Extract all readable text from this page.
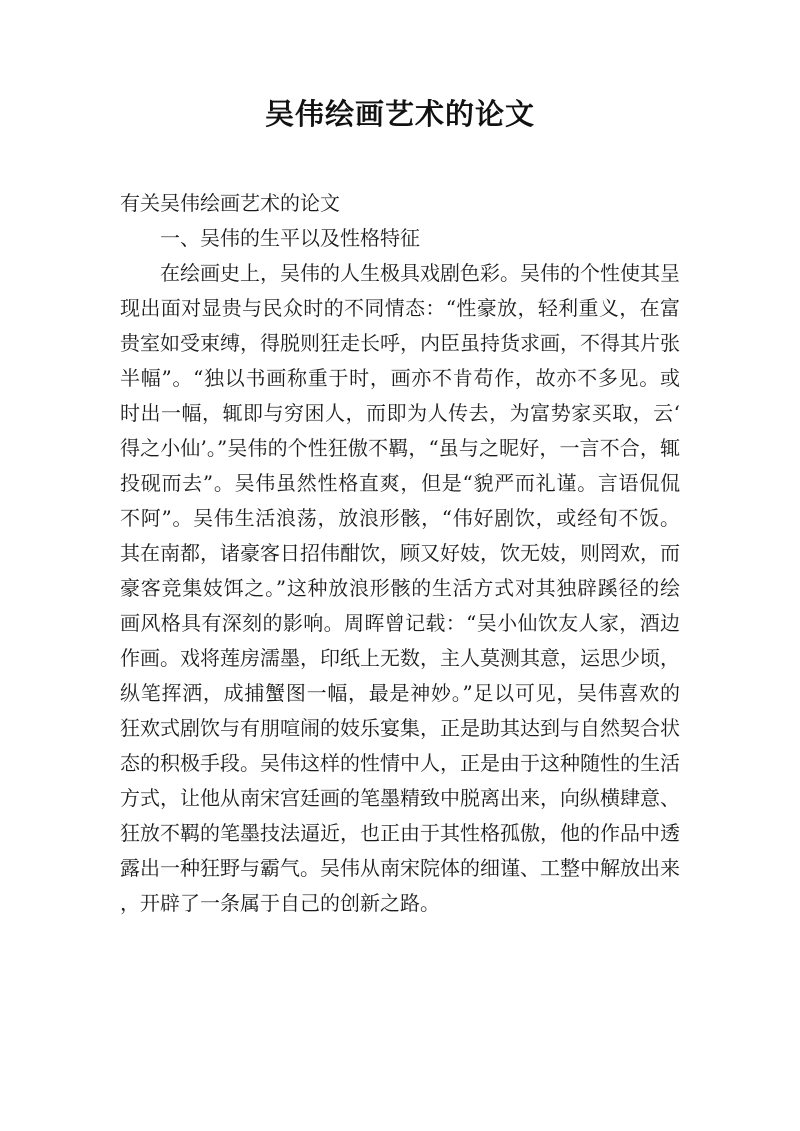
吴伟绘画艺术的论文

有关吴伟绘画艺术的论文

一、吴伟的生平以及性格特征

在绘画史上，吴伟的人生极具戏剧色彩。吴伟的个性使其呈现出面对显贵与民众时的不同情态：“性豪放，轻利重义，在富贵室如受束缚，得脱则狂走长呼，内臣虽持货求画，不得其片张半幅”。“独以书画称重于时，画亦不肯苟作，故亦不多见。或时出一幅，辄即与穷困人，而即为人传去，为富势家买取，云‘得之小仙’。”吴伟的个性狂傲不羁，“虽与之昵好，一言不合，辄投砚而去”。吴伟虽然性格直爽，但是“貌严而礼谨。言语侃侃不阿”。吴伟生活浪荡，放浪形骸，“伟好剧饮，或经旬不饭。其在南都，诸豪客日招伟酣饮，顾又好妓，饮无妓，则罔欢，而豪客竞集妓饵之。”这种放浪形骸的生活方式对其独辟蹊径的绘画风格具有深刻的影响。周晖曾记载：“吴小仙饮友人家，酒边作画。戏将莲房濡墨，印纸上无数，主人莫测其意，运思少顷，纵笔挥洒，成捕蟹图一幅，最是神妙。”足以可见，吴伟喜欢的狂欢式剧饮与有朋喧闹的妓乐宴集，正是助其达到与自然契合状态的积极手段。吴伟这样的性情中人，正是由于这种随性的生活方式，让他从南宋宫廷画的笔墨精致中脱离出来，向纵横肆意、狂放不羁的笔墨技法逼近，也正由于其性格孤傲，他的作品中透露出一种狂野与霸气。吴伟从南宋院体的细谨、工整中解放出来，开辟了一条属于自己的创新之路。
